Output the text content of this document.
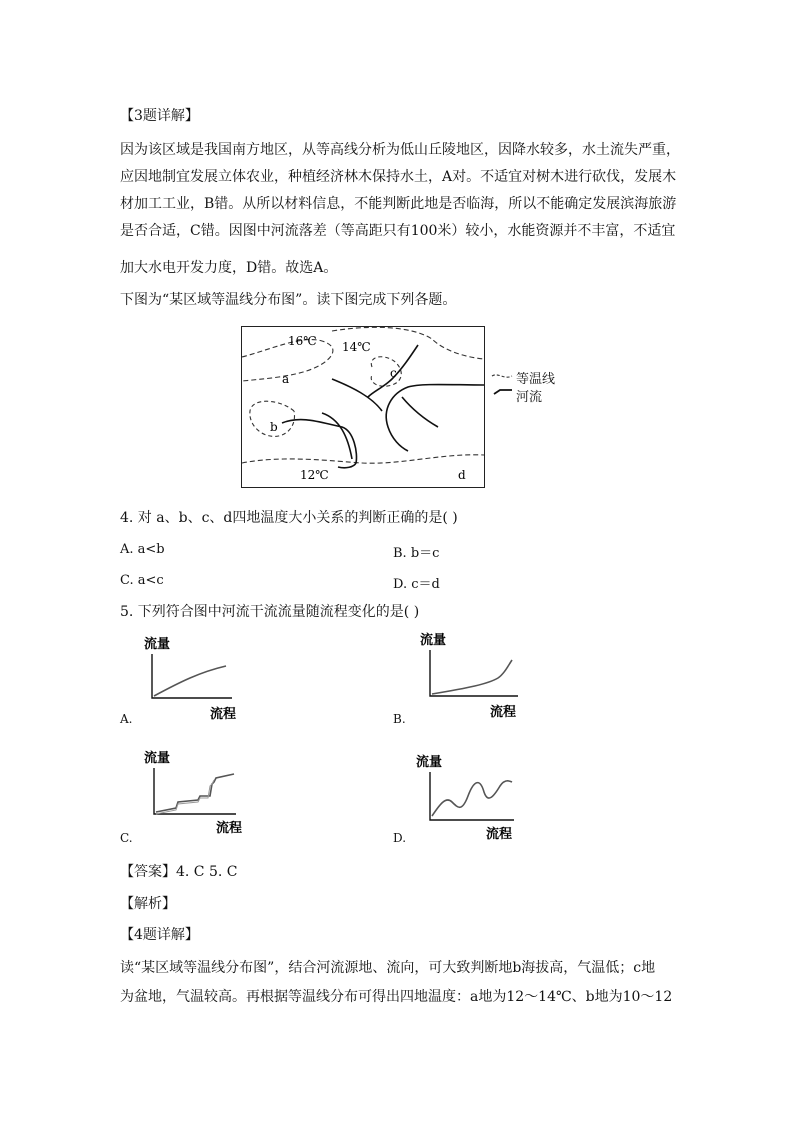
【3题详解】
因为该区域是我国南方地区，从等高线分析为低山丘陵地区，因降水较多，水土流失严重，
应因地制宜发展立体农业，种植经济林木保持水土，A对。不适宜对树木进行砍伐，发展木
材加工工业，B错。从所以材料信息，不能判断此地是否临海，所以不能确定发展滨海旅游
是否合适，C错。因图中河流落差（等高距只有100米）较小，水能资源并不丰富，不适宜
加大水电开发力度，D错。故选A。
下图为“某区域等温线分布图”。读下图完成下列各题。
16℃ 14℃
12℃
a
b
c
d
等温线
河流
4. 对 a、b、c、d四地温度大小关系的判断正确的是( )
A. a<b	B. b＝c
C. a<c	D. c＝d
5. 下列符合图中河流干流流量随流程变化的是( )
流量
流程
A.
流量
流程
B.
流量
流程
C.
流量
流程
D.
【答案】4. C 5. C
【解析】
【4题详解】
读“某区域等温线分布图”，结合河流源地、流向，可大致判断地b海拔高，气温低；c地
为盆地，气温较高。再根据等温线分布可得出四地温度：a地为12～14℃、b地为10～12
